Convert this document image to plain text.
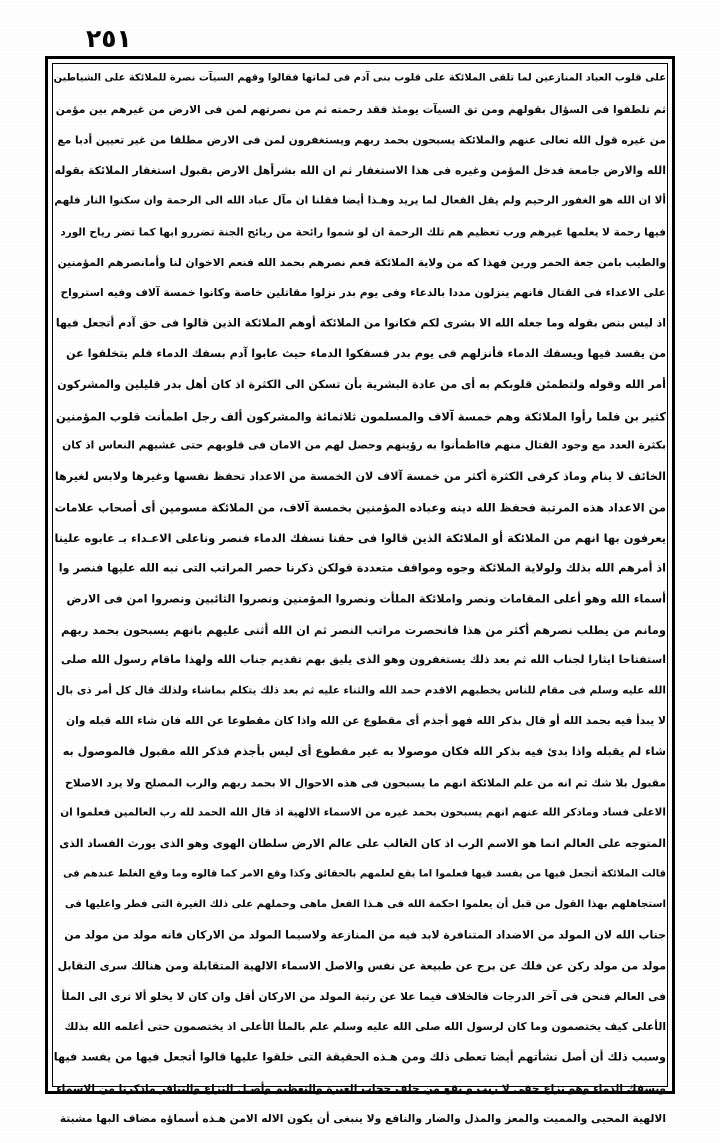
٢٥١
على قلوب العباد المنازعين لما تلقى الملائكة على قلوب بنى آدم فى لماتها فقالوا وقهم السيآت نصرة للملائكة على الشياطين
ثم تلطفوا فى السؤال بقولهم ومن تق السيآت يومئذ فقد رحمته ثم من نصرتهم لمن فى الارض من غيرهم بين مؤمن
من غيره قول الله تعالى عنهم والملائكة يسبحون بحمد ربهم ويستغفرون لمن فى الارض مطلقا من غير تعيين أدبا مع
الله والارض جامعة فدخل المؤمن وغيره فى هذا الاستغفار ثم ان الله بشرأهل الارض بقبول استغفار الملائكة بقوله
ألا ان الله هو الغفور الرحيم ولم يقل الفعال لما يريد وهـذا أيضا فقلنا ان مآل عباد الله الى الرحمة وان سكنوا النار فلهم
فيها رحمة لا يعلمها غيرهم ورب تعظيم هم تلك الرحمة ان لو شموا رائحة من ريائح الجنة تضررو ابها كما تضر رياح الورد
والطيب بامن جعة الحمر ورين فهذا كه من ولاية الملائكة فعم نصرهم بحمد الله فنعم الاخوان لنا وأمانصرهم المؤمنين
على الاعداء فى القتال فانهم ينزلون مددا بالدعاء وفى يوم بدر نزلوا مقاتلين خاصة وكانوا خمسة آلاف وفيه استرواح
اذ ليس بنص بقوله وما جعله الله الا بشرى لكم فكانوا من الملائكة أوهم الملائكة الذين قالوا فى حق آدم أتجعل فيها
من يفسد فيها ويسفك الدماء فأنزلهم فى يوم بدر فسفكوا الدماء حيث عابوا آدم بسفك الدماء فلم يتخلفوا عن
أمر الله وقوله ولتطمئن قلوبكم به أى من عادة البشرية بأن تسكن الى الكثرة اذ كان أهل بدر قليلين والمشركون
كثير بن فلما رأوا الملائكة وهم خمسة آلاف والمسلمون ثلاثمائة والمشركون ألف رجل اطمأنت قلوب المؤمنين
بكثرة العدد مع وجود القتال منهم فااطمأنوا به رؤينهم وحصل لهم من الامان فى قلوبهم حتى غشيهم النعاس اذ كان
الخائف لا ينام وماذ كرفى الكثرة أكثر من خمسة آلاف لان الخمسة من الاعداد تحفظ نفسها وغيرها ولابس لغيرها
من الاعداد هذه المرتبة فحفظ الله دينه وعباده المؤمنين بخمسة آلاف، من الملائكة مسومين أى أصحاب علامات
يعرفون بها انهم من الملائكة أو الملائكة الذين قالوا فى حقنا نسفك الدماء فنصر وناعلى الاعـداء بـ عابوه علينا
اذ أمرهم الله بذلك ولولاية الملائكة وجوه ومواقف متعددة قولكن ذكرنا حصر المراتب التى نبه الله عليها فنصر وا
أسماء الله وهو أعلى المقامات ونصر واملائكة الملأت ونصروا المؤمنين ونصروا الثائبين ونصروا امن فى الارض
ومانم من يطلب نصرهم أكثر من هذا فانحصرت مراتب النصر ثم ان الله أثنى عليهم بانهم يسبحون بحمد ربهم
استفتاحا ايثارا لجناب الله ثم بعد ذلك يستغفرون وهو الذى يليق بهم تقديم جناب الله ولهذا ماقام رسول الله صلى
الله عليه وسلم فى مقام للناس يخطبهم الاقدم حمد الله والثناء عليه ثم بعد ذلك يتكلم بماشاء ولذلك قال كل أمر ذى بال
لا يبدأ فيه بحمد الله أو قال بذكر الله فهو أجذم أى مقطوع عن الله واذا كان مقطوعا عن الله فان شاء الله قبله وان
شاء لم يقبله واذا بدئ فيه بذكر الله فكان موصولا به غير مقطوع أى ليس بأجذم فذكر الله مقبول فالموصول به
مقبول بلا شك ثم انه من علم الملائكة انهم ما يسبحون فى هذه الاحوال الا بحمد ربهم والرب المصلح ولا يرد الاصلاح
الاعلى فساد وماذكر الله عنهم انهم يسبحون بحمد غيره من الاسماء الالهية اذ قال الله الحمد لله رب العالمين فعلموا ان
المتوجه على العالم انما هو الاسم الرب اذ كان الغالب على عالم الارض سلطان الهوى وهو الذى يورث الفساد الذى
قالت الملائكة أتجعل فيها من يفسد فيها فعلموا اما يقع لعلمهم بالحقائق وكذا وقع الامر كما قالوه وما وقع الغلط عندهم فى
استجاهلهم بهذا القول من قبل أن يعلموا احكمة الله فى هـذا الفعل ماهى وحملهم على ذلك الغيرة التى فطر واعليها فى
جناب الله لان المولد من الاضداد المتنافرة لابد فيه من المنازعة ولاسيما المولد من الاركان فانه مولد من مولد من
مولد من مولد ركن عن فلك عن برج عن طبيعة عن نفس والاصل الاسماء الالهية المتقابلة ومن هنالك سرى التقابل
فى العالم فنحن فى آخر الدرجات فالخلاف فيما علا عن رتبة المولد من الاركان أقل وان كان لا يخلو ألا ترى الى الملأ
الأعلى كيف يختصمون وما كان لرسول الله صلى الله عليه وسلم علم بالملأ الأعلى اذ يختصمون حتى أعلمه الله بذلك
وسبب ذلك أن أصل نشأتهم أيضا تعطى ذلك ومن هـذه الحقيقة التى خلقوا عليها قالوا أتجعل فيها من يفسد فيها
ويسفك الدماء وهو نزاع خفى لا ريب و يقع من خلف حجاب الغيرة والتعظيم وأصـل النزاع والتنافر ماذكرنا من الاسماء
الالهية المحيى والمميت والمعز والمذل والضار والنافع ولا ينبغى أن يكون الاله الامن هـذه أسماؤه مضاف البها مشبتة
